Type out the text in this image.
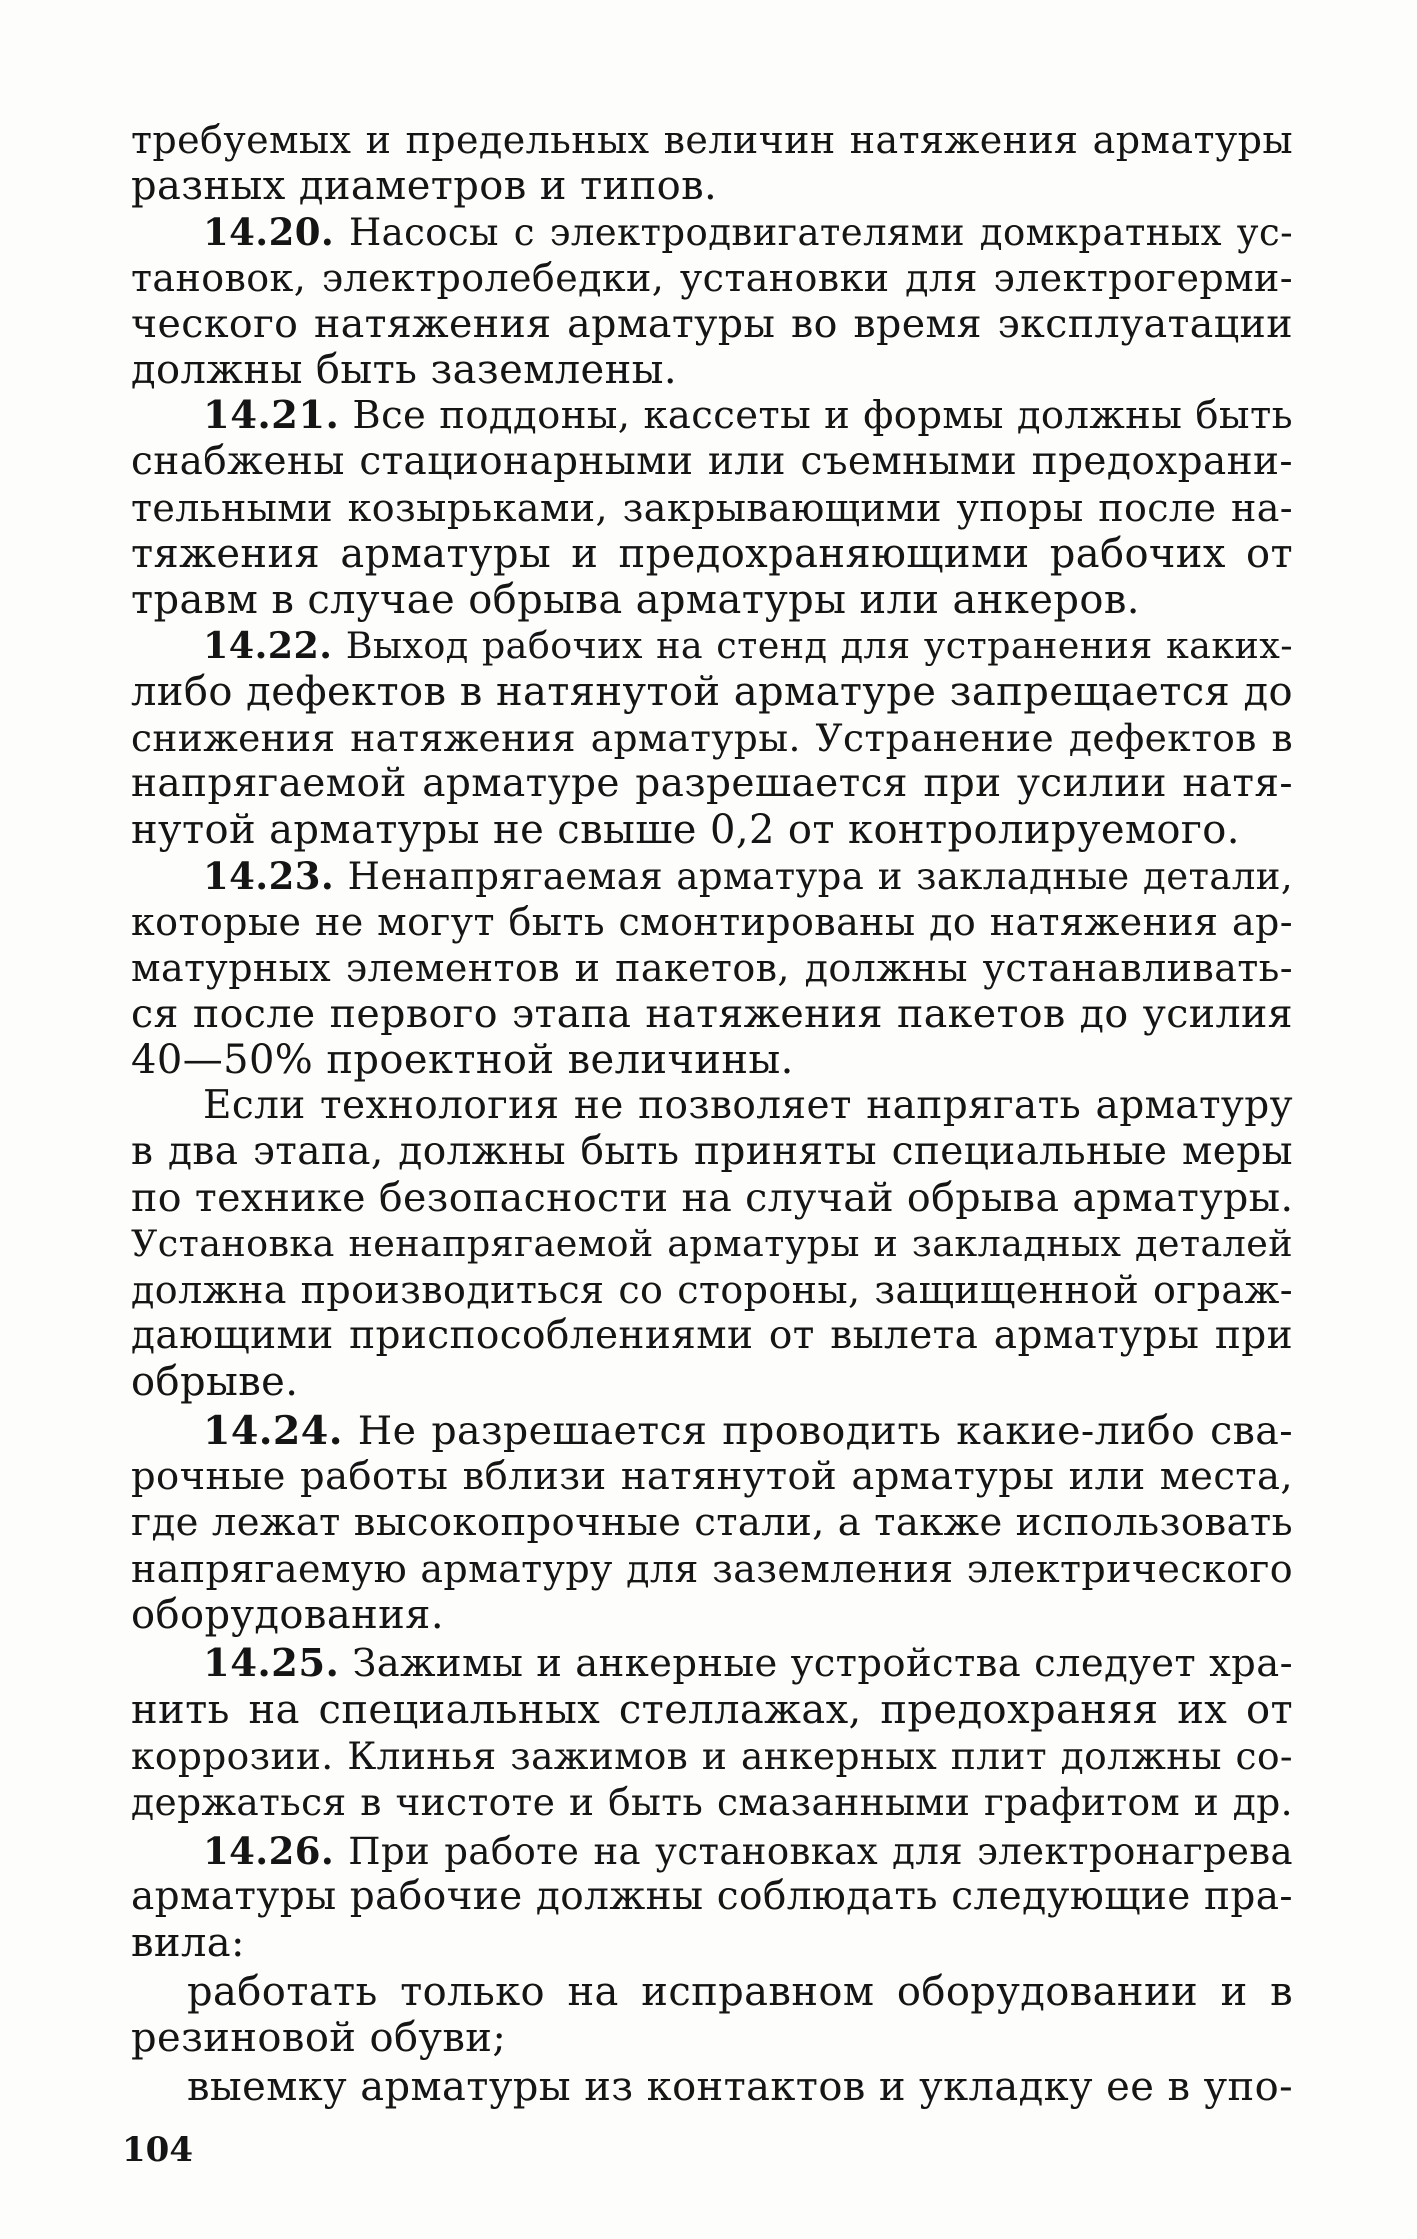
требуемых и предельных величин натяжения арматуры
разных диаметров и типов.
14.20. Насосы с электродвигателями домкратных ус-
тановок, электролебедки, установки для электрогерми-
ческого натяжения арматуры во время эксплуатации
должны быть заземлены.
14.21. Все поддоны, кассеты и формы должны быть
снабжены стационарными или съемными предохрани-
тельными козырьками, закрывающими упоры после на-
тяжения арматуры и предохраняющими рабочих от
травм в случае обрыва арматуры или анкеров.
14.22. Выход рабочих на стенд для устранения каких-
либо дефектов в натянутой арматуре запрещается до
снижения натяжения арматуры. Устранение дефектов в
напрягаемой арматуре разрешается при усилии натя-
нутой арматуры не свыше 0,2 от контролируемого.
14.23. Ненапрягаемая арматура и закладные детали,
которые не могут быть смонтированы до натяжения ар-
матурных элементов и пакетов, должны устанавливать-
ся после первого этапа натяжения пакетов до усилия
40—50% проектной величины.
Если технология не позволяет напрягать арматуру
в два этапа, должны быть приняты специальные меры
по технике безопасности на случай обрыва арматуры.
Установка ненапрягаемой арматуры и закладных деталей
должна производиться со стороны, защищенной ограж-
дающими приспособлениями от вылета арматуры при
обрыве.
14.24. Не разрешается проводить какие-либо сва-
рочные работы вблизи натянутой арматуры или места,
где лежат высокопрочные стали, а также использовать
напрягаемую арматуру для заземления электрического
оборудования.
14.25. Зажимы и анкерные устройства следует хра-
нить на специальных стеллажах, предохраняя их от
коррозии. Клинья зажимов и анкерных плит должны со-
держаться в чистоте и быть смазанными графитом и др.
14.26. При работе на установках для электронагрева
арматуры рабочие должны соблюдать следующие пра-
вила:
работать только на исправном оборудовании и в
резиновой обуви;
выемку арматуры из контактов и укладку ее в упо-
104
